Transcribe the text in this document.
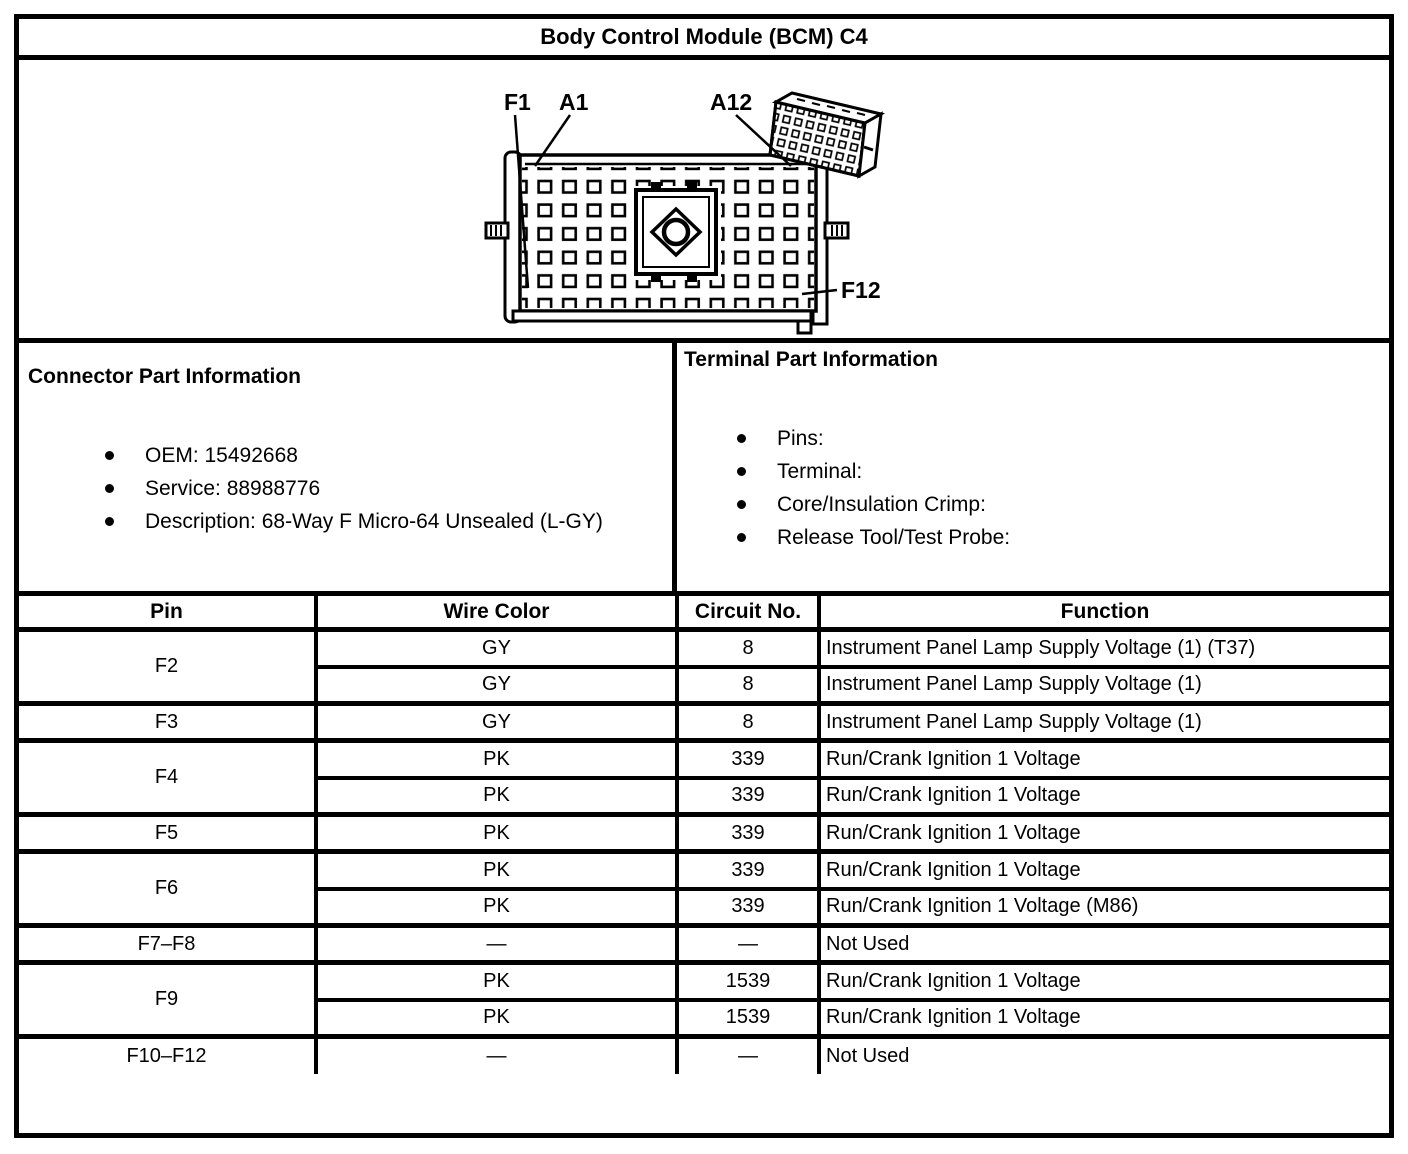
Body Control Module (BCM) C4
F1 A1	A12
F12
Connector Part Information
OEM: 15492668
Service: 88988776
Description: 68-Way F Micro-64 Unsealed (L-GY)
Terminal Part Information
Pins:
Terminal:
Core/Insulation Crimp:
Release Tool/Test Probe:
Pin	Wire Color	Circuit No.	Function
F2	GY	8	Instrument Panel Lamp Supply Voltage (1) (T37)
	GY	8	Instrument Panel Lamp Supply Voltage (1)
F3	GY	8	Instrument Panel Lamp Supply Voltage (1)
F4	PK	339	Run/Crank Ignition 1 Voltage
	PK	339	Run/Crank Ignition 1 Voltage
F5	PK	339	Run/Crank Ignition 1 Voltage
F6	PK	339	Run/Crank Ignition 1 Voltage
	PK	339	Run/Crank Ignition 1 Voltage (M86)
F7–F8	—	—	Not Used
F9	PK	1539	Run/Crank Ignition 1 Voltage
	PK	1539	Run/Crank Ignition 1 Voltage
F10–F12	—	—	Not Used
